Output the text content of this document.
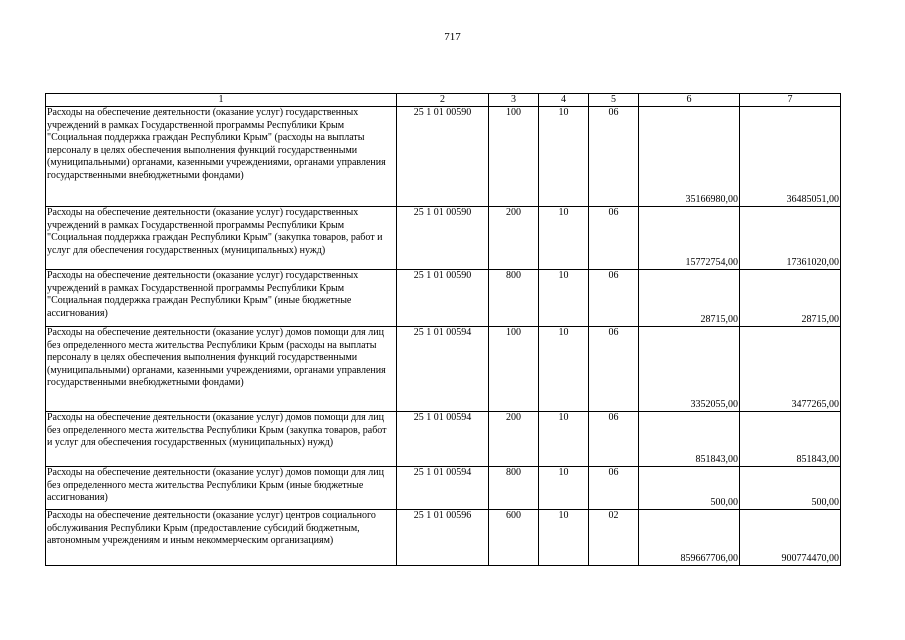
717
1	2	3	4	5	6	7
Расходы на обеспечение деятельности (оказание услуг) государственных учреждений в рамках Государственной программы Республики Крым "Социальная поддержка граждан Республики Крым" (расходы на выплаты персоналу в целях обеспечения выполнения функций государственными (муниципальными) органами, казенными учреждениями, органами управления государственными внебюджетными фондами)	25 1 01 00590	100	10	06	35166980,00	36485051,00
Расходы на обеспечение деятельности (оказание услуг) государственных учреждений в рамках Государственной программы Республики Крым "Социальная поддержка граждан Республики Крым" (закупка товаров, работ и услуг для обеспечения государственных (муниципальных) нужд)	25 1 01 00590	200	10	06	15772754,00	17361020,00
Расходы на обеспечение деятельности (оказание услуг) государственных учреждений в рамках Государственной программы Республики Крым "Социальная поддержка граждан Республики Крым" (иные бюджетные ассигнования)	25 1 01 00590	800	10	06	28715,00	28715,00
Расходы на обеспечение деятельности (оказание услуг) домов помощи для лиц без определенного места жительства Республики Крым (расходы на выплаты персоналу в целях обеспечения выполнения функций государственными (муниципальными) органами, казенными учреждениями, органами управления государственными внебюджетными фондами)	25 1 01 00594	100	10	06	3352055,00	3477265,00
Расходы на обеспечение деятельности (оказание услуг) домов помощи для лиц без определенного места жительства Республики Крым (закупка товаров, работ и услуг для обеспечения государственных (муниципальных) нужд)	25 1 01 00594	200	10	06	851843,00	851843,00
Расходы на обеспечение деятельности (оказание услуг) домов помощи для лиц без определенного места жительства Республики Крым (иные бюджетные ассигнования)	25 1 01 00594	800	10	06	500,00	500,00
Расходы на обеспечение деятельности (оказание услуг) центров социального обслуживания Республики Крым (предоставление субсидий бюджетным, автономным учреждениям и иным некоммерческим организациям)	25 1 01 00596	600	10	02	859667706,00	900774470,00
